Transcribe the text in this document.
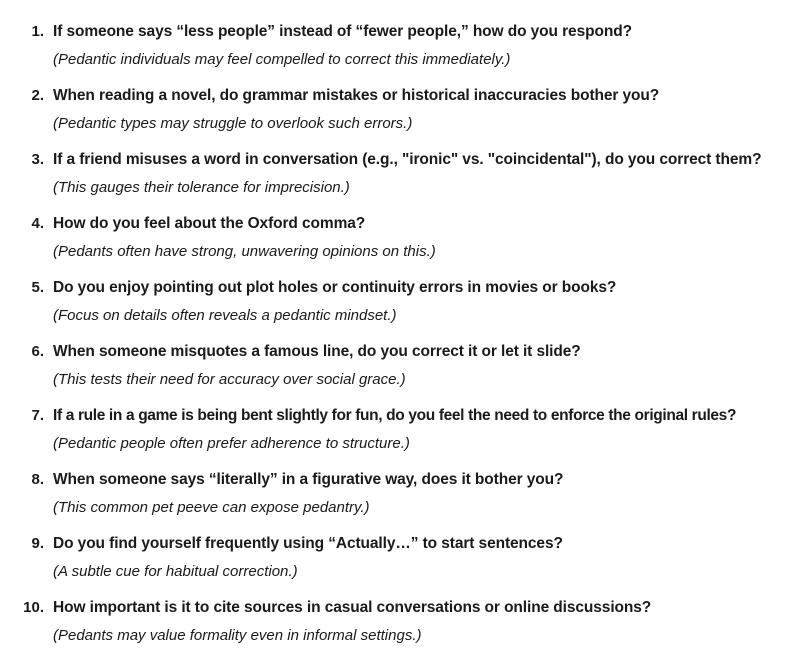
1. If someone says “less people” instead of “fewer people,” how do you respond?
(Pedantic individuals may feel compelled to correct this immediately.)
2. When reading a novel, do grammar mistakes or historical inaccuracies bother you?
(Pedantic types may struggle to overlook such errors.)
3. If a friend misuses a word in conversation (e.g., "ironic" vs. "coincidental"), do you correct them?
(This gauges their tolerance for imprecision.)
4. How do you feel about the Oxford comma?
(Pedants often have strong, unwavering opinions on this.)
5. Do you enjoy pointing out plot holes or continuity errors in movies or books?
(Focus on details often reveals a pedantic mindset.)
6. When someone misquotes a famous line, do you correct it or let it slide?
(This tests their need for accuracy over social grace.)
7. If a rule in a game is being bent slightly for fun, do you feel the need to enforce the original rules?
(Pedantic people often prefer adherence to structure.)
8. When someone says “literally” in a figurative way, does it bother you?
(This common pet peeve can expose pedantry.)
9. Do you find yourself frequently using “Actually…” to start sentences?
(A subtle cue for habitual correction.)
10. How important is it to cite sources in casual conversations or online discussions?
(Pedants may value formality even in informal settings.)
